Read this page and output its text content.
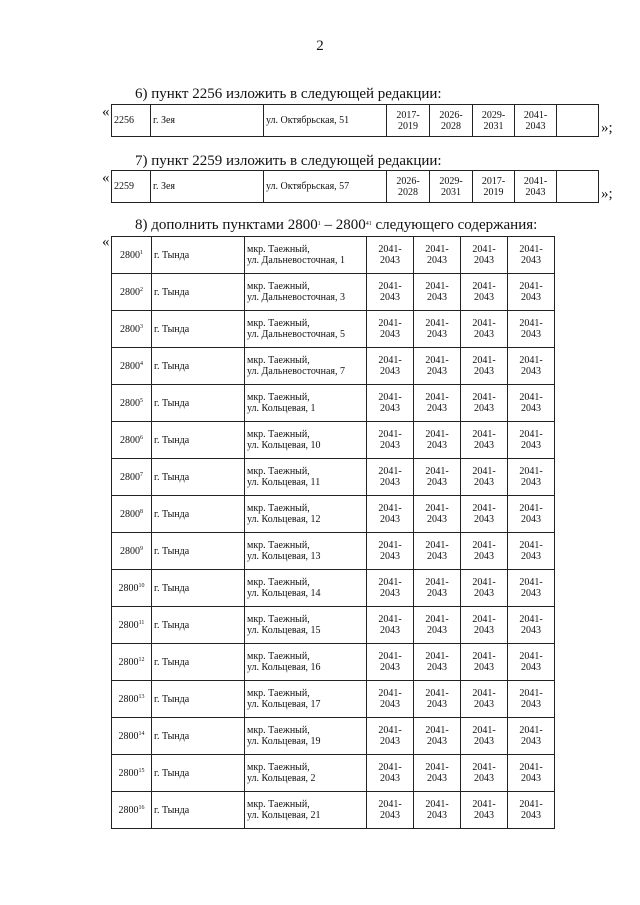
2
6) пункт 2256 изложить в следующей редакции:
«
2256	г. Зея	ул. Октябрьская, 51	2017-2019	2026-2028	2029-2031	2041-2043		»;
7) пункт 2259 изложить в следующей редакции:
«
2259	г. Зея	ул. Октябрьская, 57	2026-2028	2029-2031	2017-2019	2041-2043		»;
8) дополнить пунктами 2800$^1$ – 2800$^{41}$ следующего содержания:
«
2800$^1$	г. Тында	мкр. Таежный,
ул. Дальневосточная, 1	2041-2043	2041-2043	2041-2043	2041-2043
2800$^2$	г. Тында	мкр. Таежный,
ул. Дальневосточная, 3	2041-2043	2041-2043	2041-2043	2041-2043
2800$^3$	г. Тында	мкр. Таежный,
ул. Дальневосточная, 5	2041-2043	2041-2043	2041-2043	2041-2043
2800$^4$	г. Тында	мкр. Таежный,
ул. Дальневосточная, 7	2041-2043	2041-2043	2041-2043	2041-2043
2800$^5$	г. Тында	мкр. Таежный,
ул. Кольцевая, 1	2041-2043	2041-2043	2041-2043	2041-2043
2800$^6$	г. Тында	мкр. Таежный,
ул. Кольцевая, 10	2041-2043	2041-2043	2041-2043	2041-2043
2800$^7$	г. Тында	мкр. Таежный,
ул. Кольцевая, 11	2041-2043	2041-2043	2041-2043	2041-2043
2800$^8$	г. Тында	мкр. Таежный,
ул. Кольцевая, 12	2041-2043	2041-2043	2041-2043	2041-2043
2800$^9$	г. Тында	мкр. Таежный,
ул. Кольцевая, 13	2041-2043	2041-2043	2041-2043	2041-2043
2800$^{10}$	г. Тында	мкр. Таежный,
ул. Кольцевая, 14	2041-2043	2041-2043	2041-2043	2041-2043
2800$^{11}$	г. Тында	мкр. Таежный,
ул. Кольцевая, 15	2041-2043	2041-2043	2041-2043	2041-2043
2800$^{12}$	г. Тында	мкр. Таежный,
ул. Кольцевая, 16	2041-2043	2041-2043	2041-2043	2041-2043
2800$^{13}$	г. Тында	мкр. Таежный,
ул. Кольцевая, 17	2041-2043	2041-2043	2041-2043	2041-2043
2800$^{14}$	г. Тында	мкр. Таежный,
ул. Кольцевая, 19	2041-2043	2041-2043	2041-2043	2041-2043
2800$^{15}$	г. Тында	мкр. Таежный,
ул. Кольцевая, 2	2041-2043	2041-2043	2041-2043	2041-2043
2800$^{16}$	г. Тында	мкр. Таежный,
ул. Кольцевая, 21	2041-2043	2041-2043	2041-2043	2041-2043
